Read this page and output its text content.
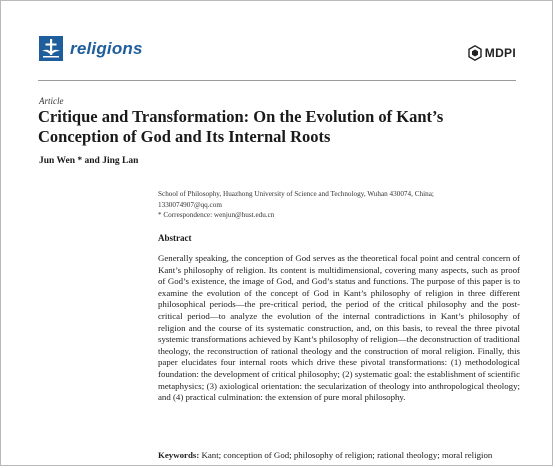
religions	MDPI
Article
Critique and Transformation: On the Evolution of Kant’s Conception of God and Its Internal Roots
Jun Wen * and Jing Lan

School of Philosophy, Huazhong University of Science and Technology, Wuhan 430074, China; 1330074907@qq.com

* Correspondence: wenjun@hust.edu.cn

Abstract

Generally speaking, the conception of God serves as the theoretical focal point and central concern of Kant’s philosophy of religion. Its content is multidimensional, covering many aspects, such as proof of God’s existence, the image of God, and God’s status and functions. The purpose of this paper is to examine the evolution of the concept of God in Kant’s philosophy of religion in three different philosophical periods—the pre-critical period, the period of the critical philosophy and the post-critical period—to analyze the evolution of the internal contradictions in Kant’s philosophy of religion and the course of its systematic construction, and, on this basis, to reveal the three pivotal systemic transformations achieved by Kant’s philosophy of religion—the deconstruction of traditional theology, the reconstruction of rational theology and the construction of moral religion. Finally, this paper elucidates four internal roots which drive these pivotal transformations: (1) methodological foundation: the development of critical philosophy; (2) systematic goal: the establishment of scientific metaphysics; (3) axiological orientation: the secularization of theology into anthropological theology; and (4) practical culmination: the extension of pure moral philosophy.

Keywords: Kant; conception of God; philosophy of religion; rational theology; moral religion
